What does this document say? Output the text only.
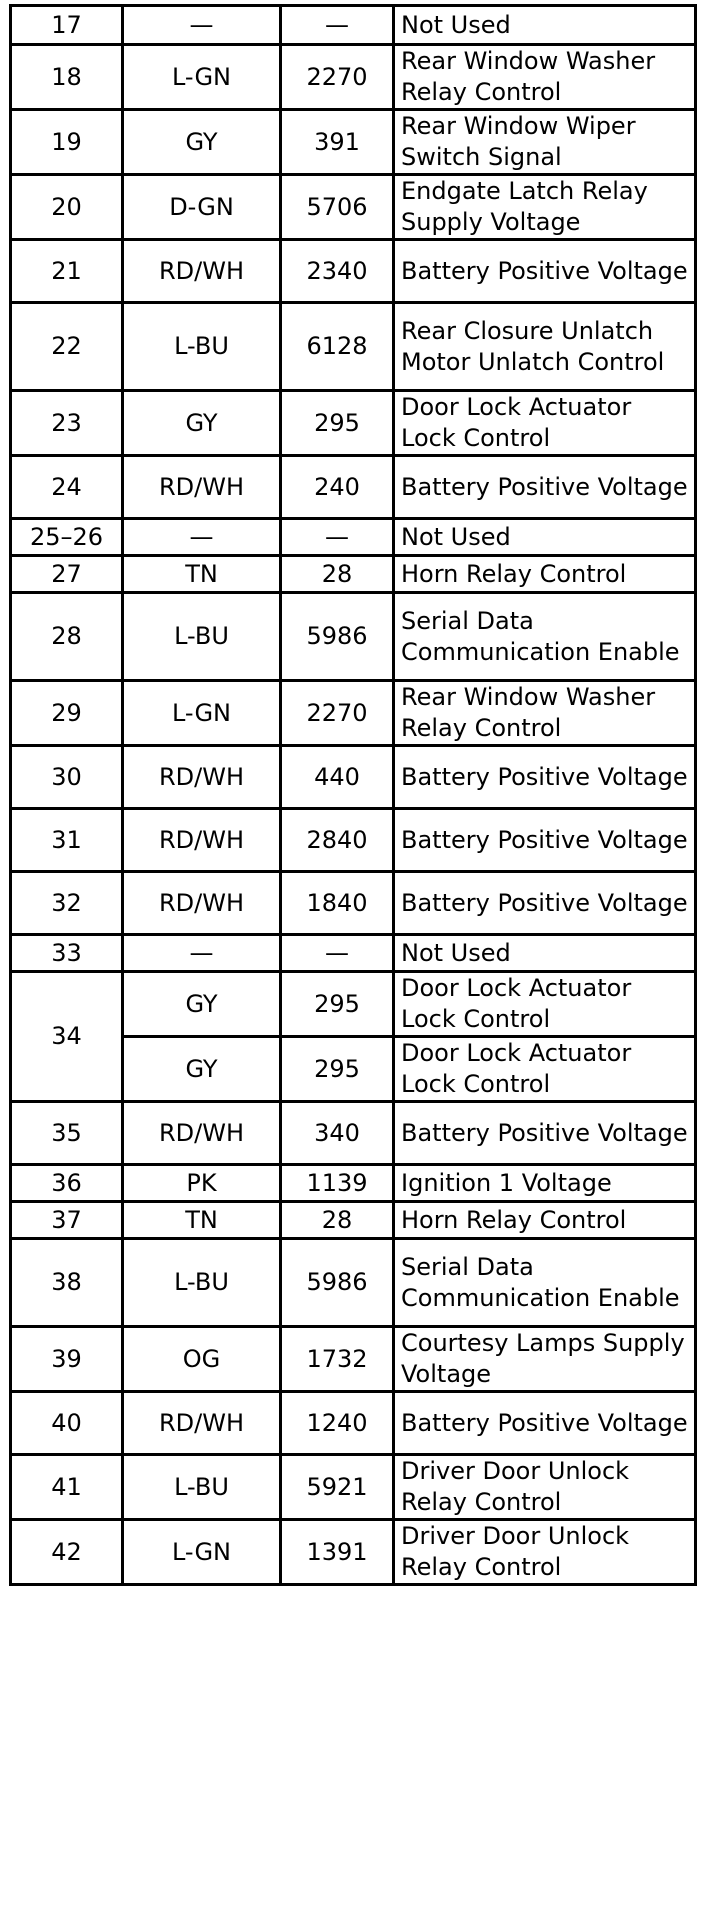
17	—	—	Not Used
18	L-GN	2270	Rear Window Washer Relay Control
19	GY	391	Rear Window Wiper Switch Signal
20	D-GN	5706	Endgate Latch Relay Supply Voltage
21	RD/WH	2340	Battery Positive Voltage
22	L-BU	6128	Rear Closure Unlatch Motor Unlatch Control
23	GY	295	Door Lock Actuator Lock Control
24	RD/WH	240	Battery Positive Voltage
25–26	—	—	Not Used
27	TN	28	Horn Relay Control
28	L-BU	5986	Serial Data Communication Enable
29	L-GN	2270	Rear Window Washer Relay Control
30	RD/WH	440	Battery Positive Voltage
31	RD/WH	2840	Battery Positive Voltage
32	RD/WH	1840	Battery Positive Voltage
33	—	—	Not Used
34	GY	295	Door Lock Actuator Lock Control
	GY	295	Door Lock Actuator Lock Control
35	RD/WH	340	Battery Positive Voltage
36	PK	1139	Ignition 1 Voltage
37	TN	28	Horn Relay Control
38	L-BU	5986	Serial Data Communication Enable
39	OG	1732	Courtesy Lamps Supply Voltage
40	RD/WH	1240	Battery Positive Voltage
41	L-BU	5921	Driver Door Unlock Relay Control
42	L-GN	1391	Driver Door Unlock Relay Control
